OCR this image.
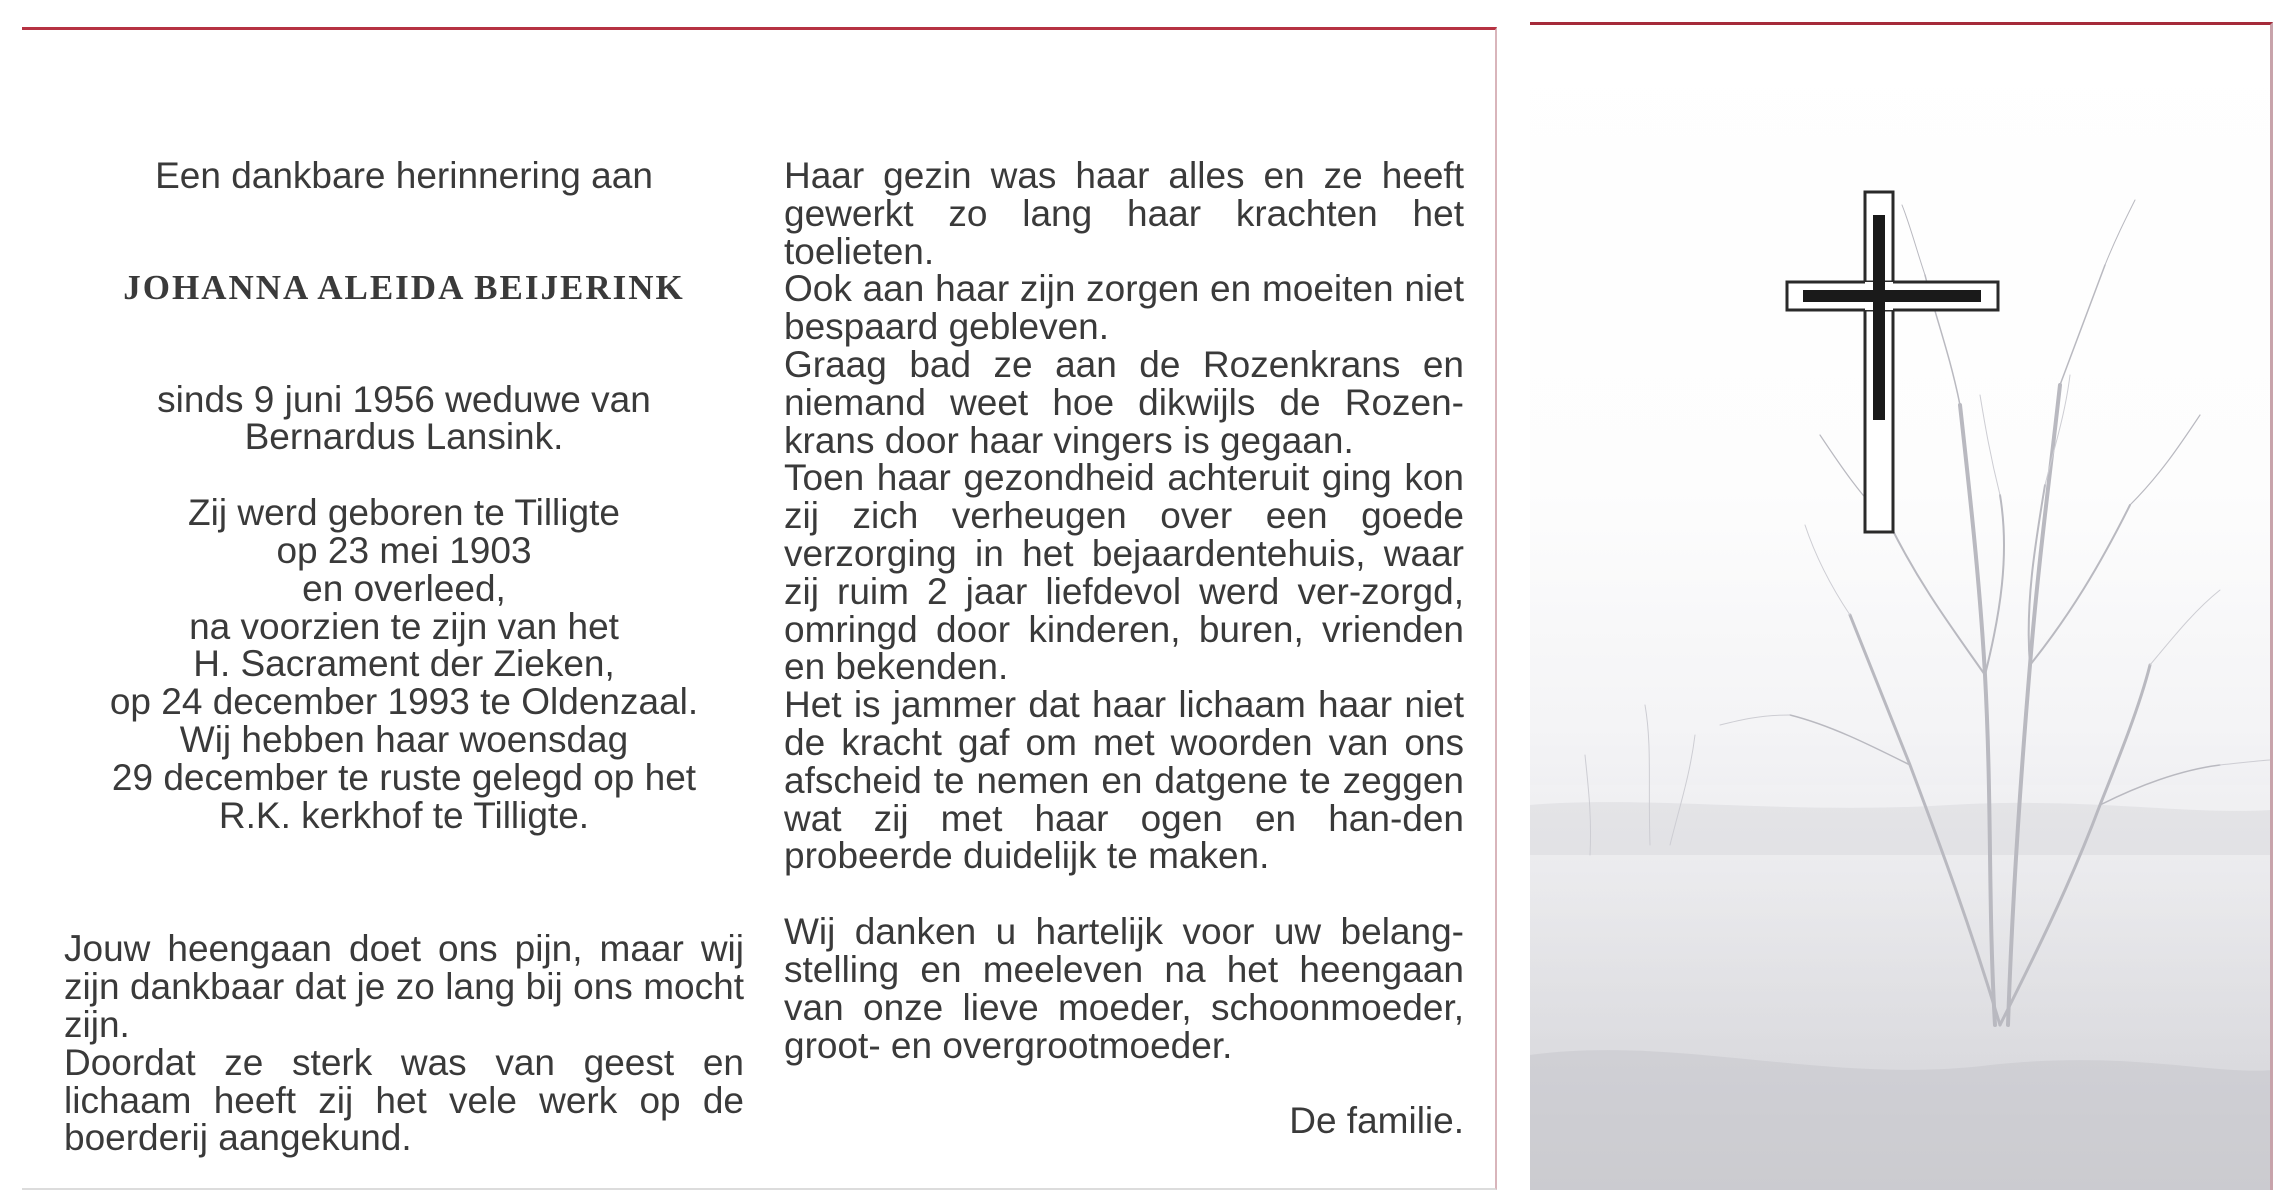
Een dankbare herinnering aan

JOHANNA ALEIDA BEIJERINK

sinds 9 juni 1956 weduwe van

Bernardus Lansink.

Zij werd geboren te Tilligte

op 23 mei 1903

en overleed,

na voorzien te zijn van het

H. Sacrament der Zieken,

op 24 december 1993 te Oldenzaal.

Wij hebben haar woensdag

29 december te ruste gelegd op het

R.K. kerkhof te Tilligte.

Jouw heengaan doet ons pijn, maar wij zijn dankbaar dat je zo lang bij ons mocht zijn.

Doordat ze sterk was van geest en lichaam heeft zij het vele werk op de boerderij aangekund.

Haar gezin was haar alles en ze heeft gewerkt zo lang haar krachten het toelieten.

Ook aan haar zijn zorgen en moeiten niet bespaard gebleven.

Graag bad ze aan de Rozenkrans en niemand weet hoe dikwijls de Rozen-krans door haar vingers is gegaan.

Toen haar gezondheid achteruit ging kon zij zich verheugen over een goede verzorging in het bejaardentehuis, waar zij ruim 2 jaar liefdevol werd ver-zorgd, omringd door kinderen, buren, vrienden en bekenden.

Het is jammer dat haar lichaam haar niet de kracht gaf om met woorden van ons afscheid te nemen en datgene te zeggen wat zij met haar ogen en han-den probeerde duidelijk te maken.

Wij danken u hartelijk voor uw belang-stelling en meeleven na het heengaan van onze lieve moeder, schoonmoeder, groot- en overgrootmoeder.

De familie.
